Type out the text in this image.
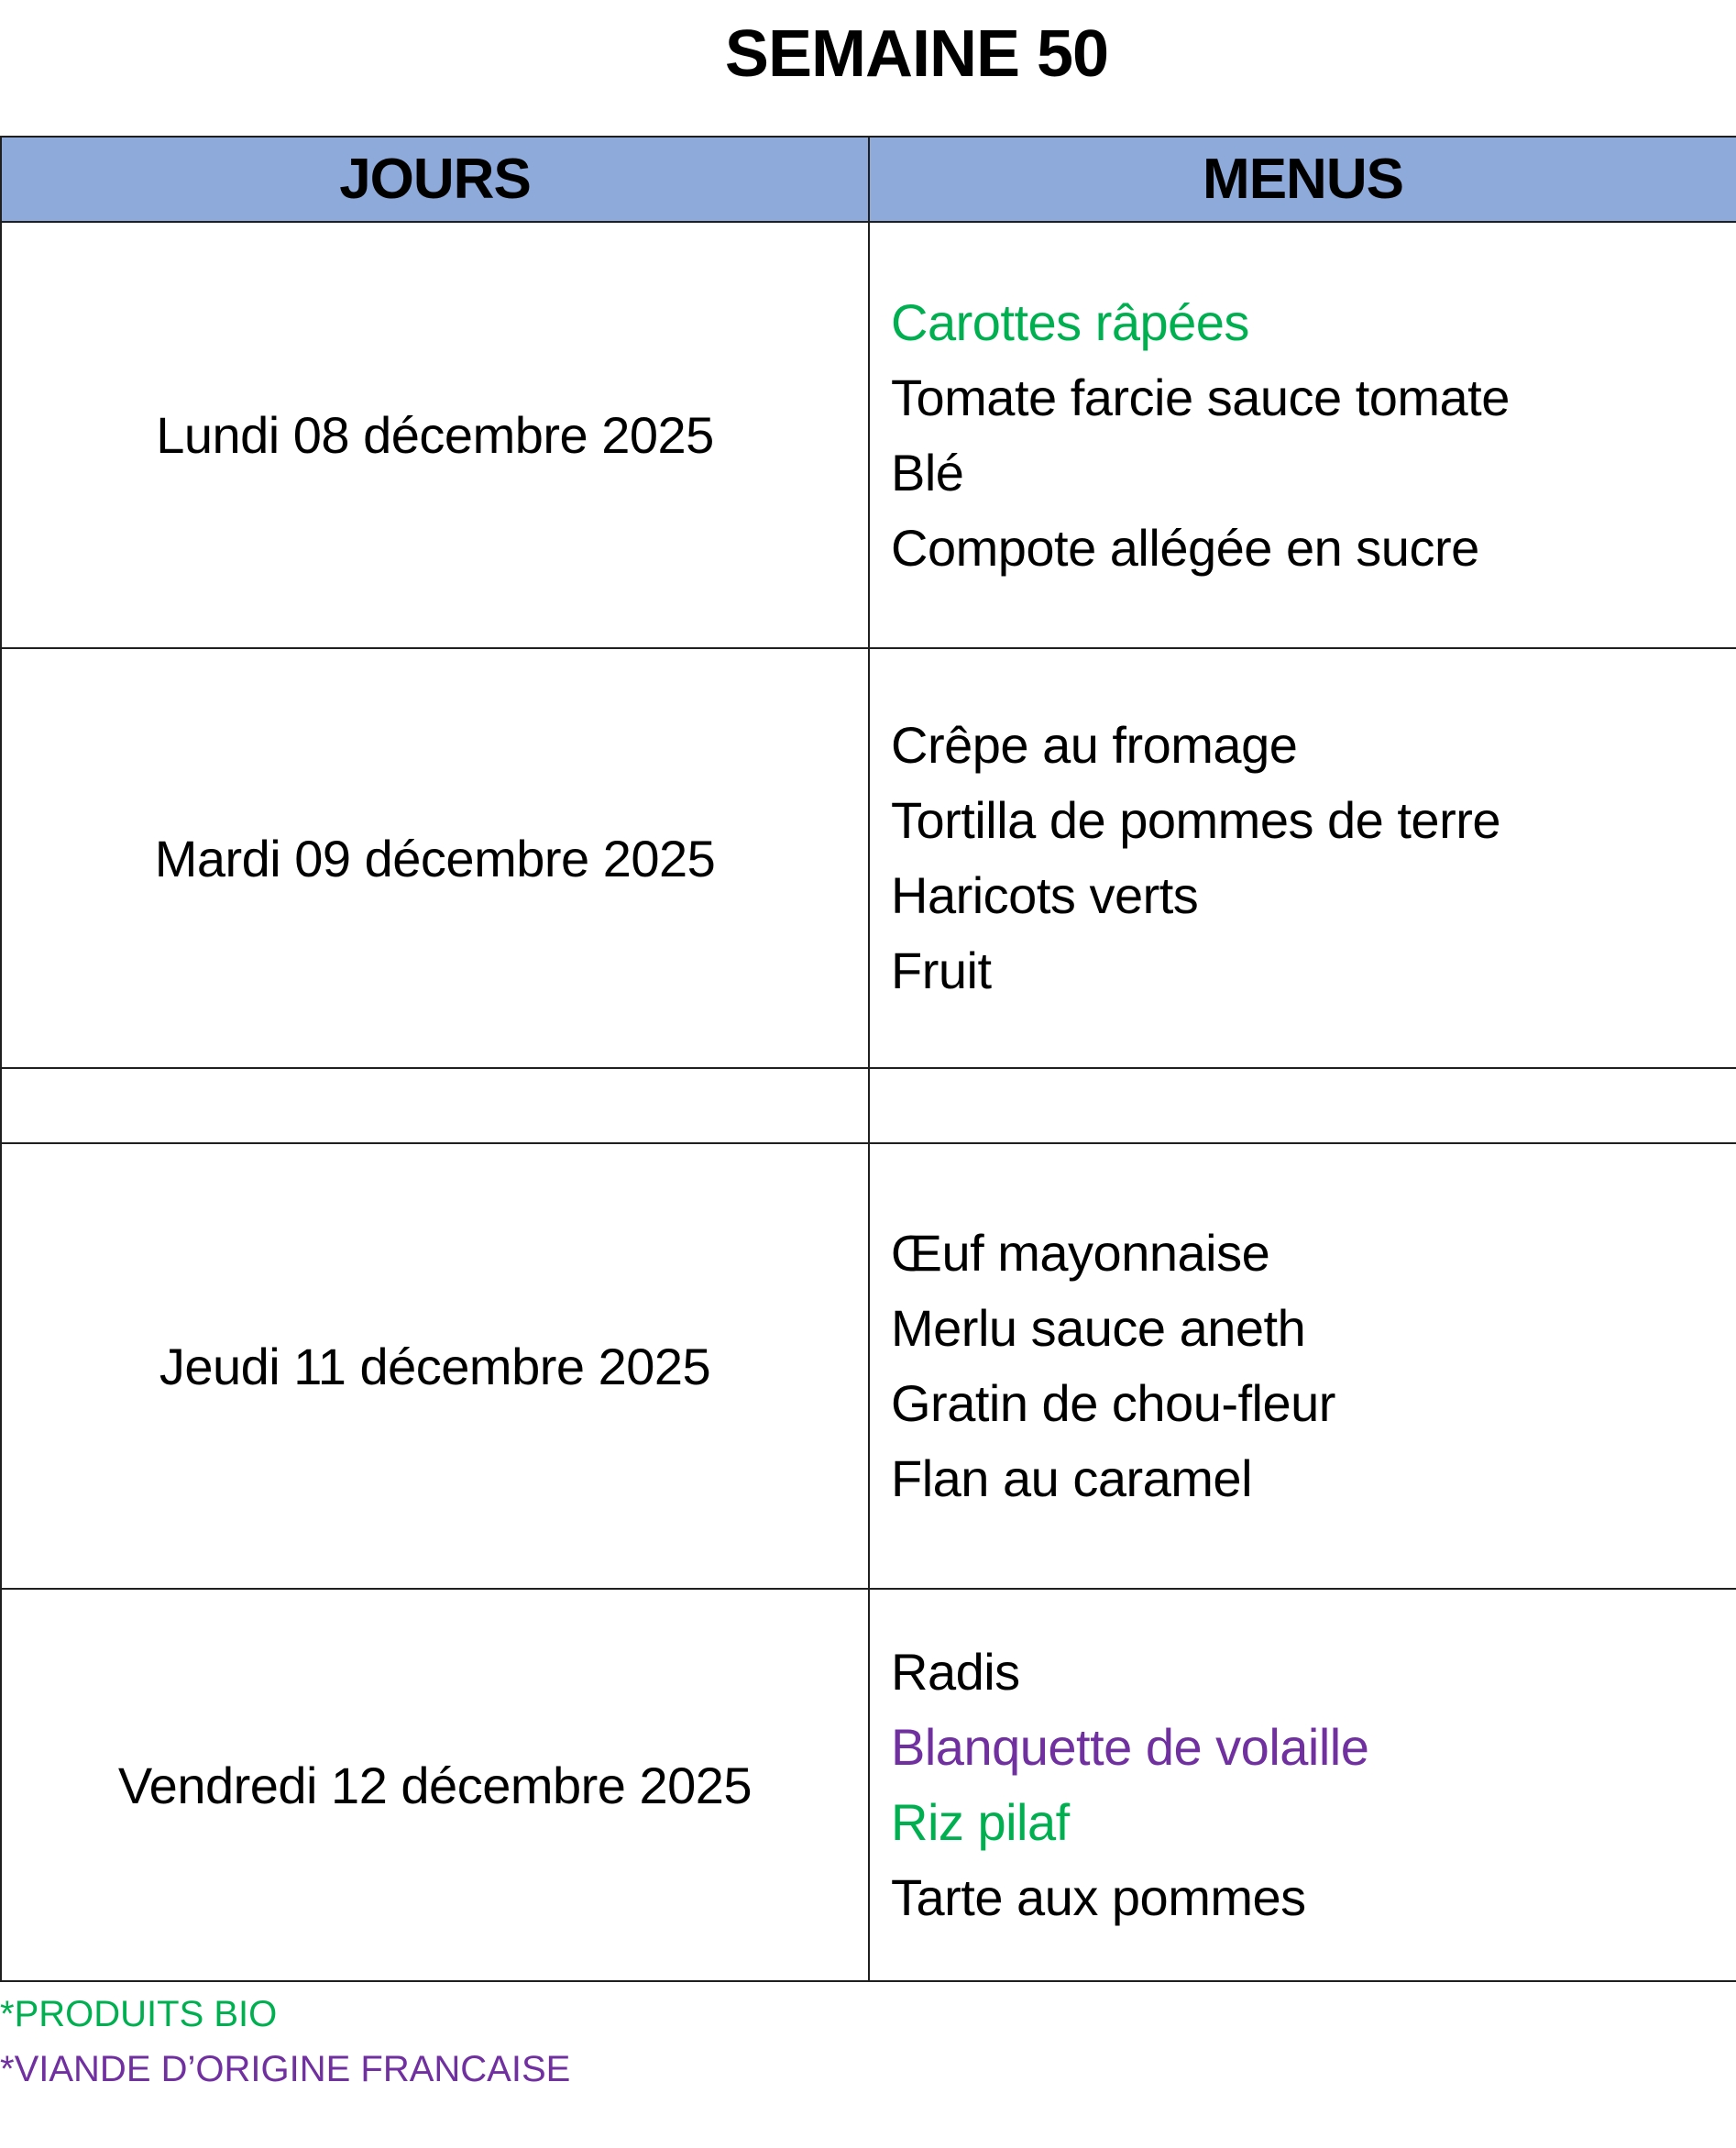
SEMAINE 50
JOURS	MENUS
Lundi 08 décembre 2025	Carottes râpées
Tomate farcie sauce tomate
Blé
Compote allégée en sucre

Mardi 09 décembre 2025	Crêpe au fromage
Tortilla de pommes de terre
Haricots verts
Fruit

Jeudi 11 décembre 2025	Œuf mayonnaise
Merlu sauce aneth
Gratin de chou-fleur
Flan au caramel

Vendredi 12 décembre 2025	Radis
Blanquette de volaille
Riz pilaf
Tarte aux pommes
*PRODUITS BIO
*VIANDE D’ORIGINE FRANCAISE
